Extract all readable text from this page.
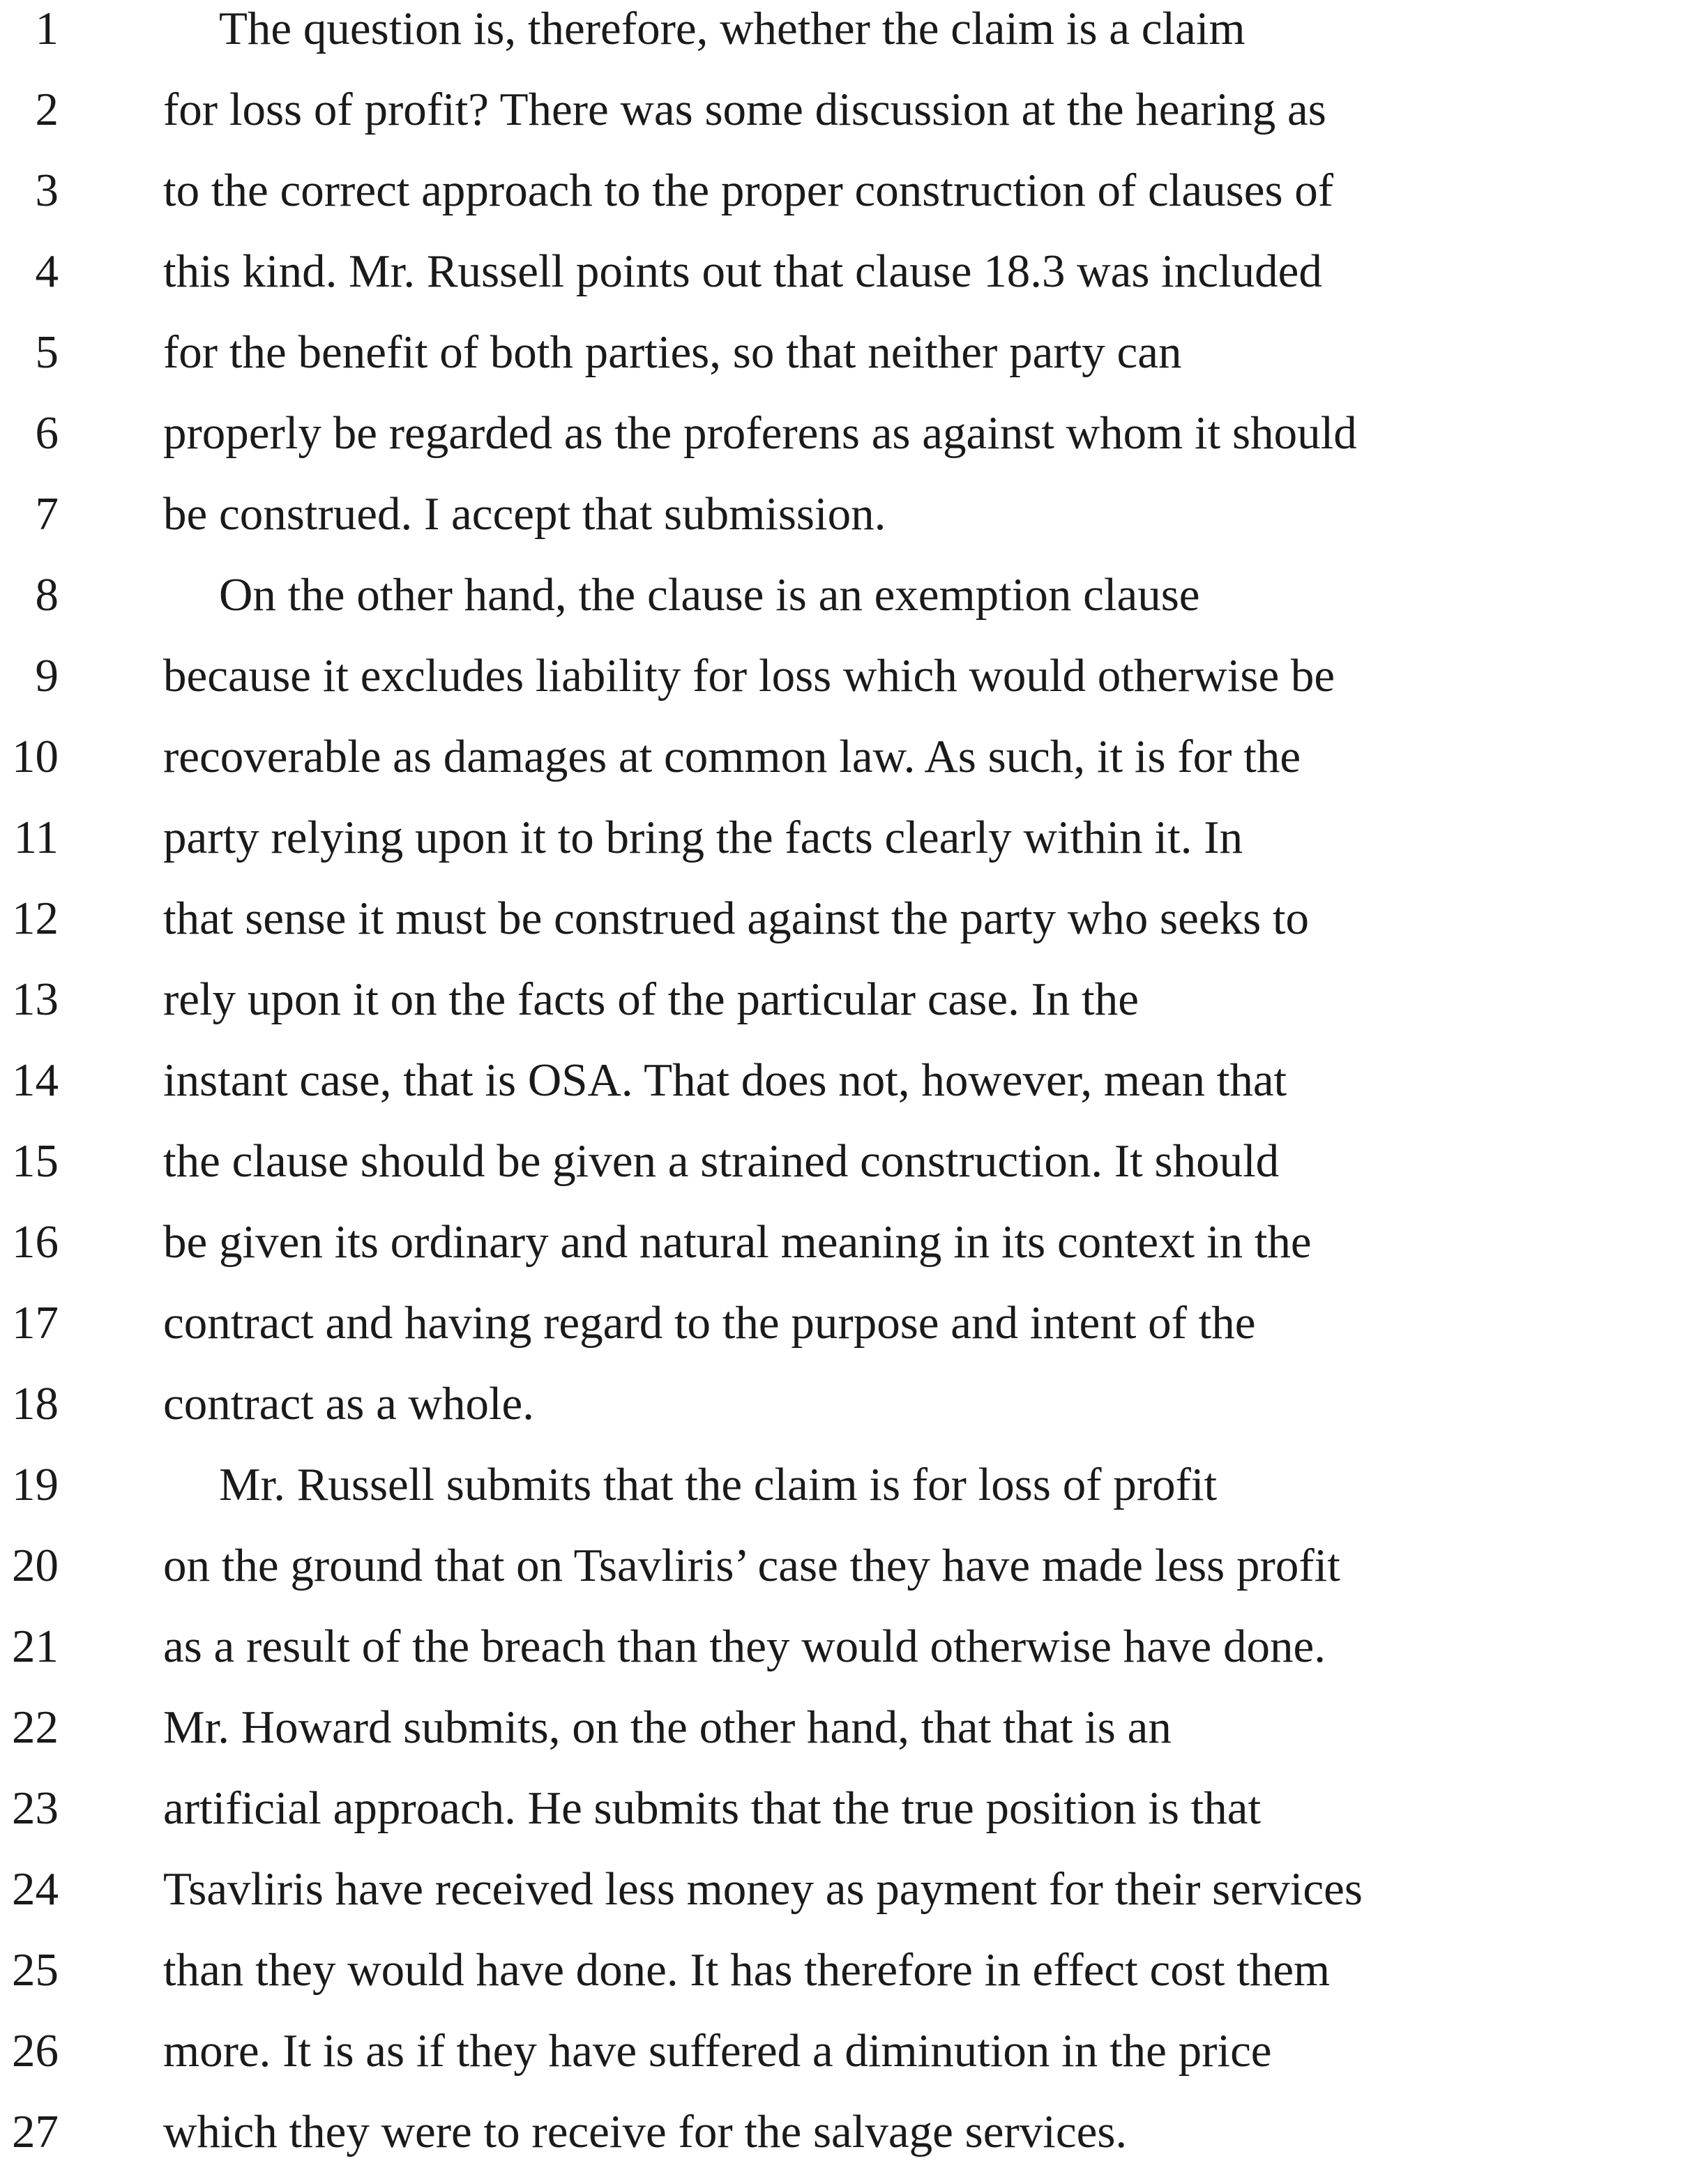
1	The question is, therefore, whether the claim is a claim
2 for loss of profit? There was some discussion at the hearing as
3 to the correct approach to the proper construction of clauses of
4 this kind. Mr. Russell points out that clause 18.3 was included
5 for the benefit of both parties, so that neither party can
6 properly be regarded as the proferens as against whom it should
7 be construed. I accept that submission.
8	On the other hand, the clause is an exemption clause
9 because it excludes liability for loss which would otherwise be
10 recoverable as damages at common law. As such, it is for the
11 party relying upon it to bring the facts clearly within it. In
12 that sense it must be construed against the party who seeks to
13 rely upon it on the facts of the particular case. In the
14 instant case, that is OSA. That does not, however, mean that
15 the clause should be given a strained construction. It should
16 be given its ordinary and natural meaning in its context in the
17 contract and having regard to the purpose and intent of the
18 contract as a whole.
19	Mr. Russell submits that the claim is for loss of profit
20 on the ground that on Tsavliris’ case they have made less profit
21 as a result of the breach than they would otherwise have done.
22 Mr. Howard submits, on the other hand, that that is an
23 artificial approach. He submits that the true position is that
24 Tsavliris have received less money as payment for their services
25 than they would have done. It has therefore in effect cost them
26 more. It is as if they have suffered a diminution in the price
27 which they were to receive for the salvage services.
